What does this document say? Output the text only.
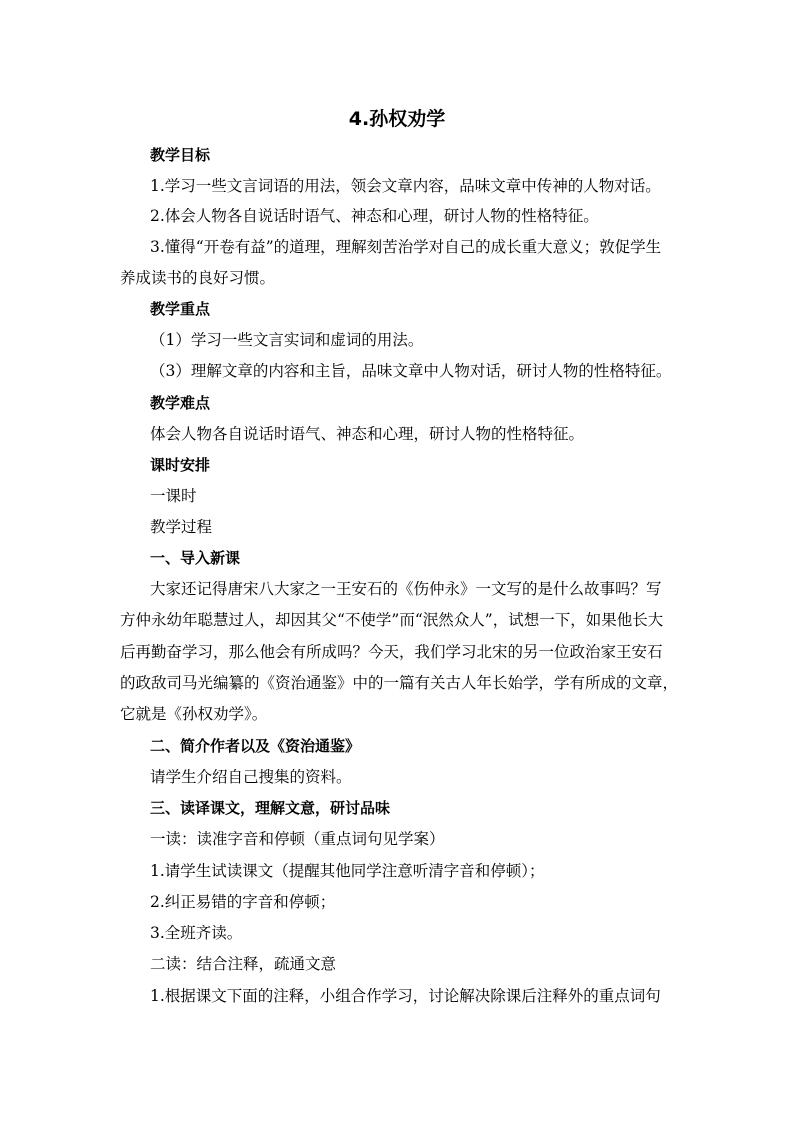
4.孙权劝学
教学目标
1.学习一些文言词语的用法，领会文章内容，品味文章中传神的人物对话。
2.体会人物各自说话时语气、神态和心理，研讨人物的性格特征。
3.懂得“开卷有益”的道理，理解刻苦治学对自己的成长重大意义；敦促学生
养成读书的良好习惯。
教学重点
（1）学习一些文言实词和虚词的用法。
（3）理解文章的内容和主旨，品味文章中人物对话，研讨人物的性格特征。
教学难点
体会人物各自说话时语气、神态和心理，研讨人物的性格特征。
课时安排
一课时
教学过程
一、导入新课
大家还记得唐宋八大家之一王安石的《伤仲永》一文写的是什么故事吗？写
方仲永幼年聪慧过人，却因其父“不使学”而“泯然众人”，试想一下，如果他长大
后再勤奋学习，那么他会有所成吗？今天，我们学习北宋的另一位政治家王安石
的政敌司马光编纂的《资治通鉴》中的一篇有关古人年长始学，学有所成的文章，
它就是《孙权劝学》。
二、简介作者以及《资治通鉴》
请学生介绍自己搜集的资料。
三、读译课文，理解文意，研讨品味
一读：读准字音和停顿（重点词句见学案）
1.请学生试读课文（提醒其他同学注意听清字音和停顿）；
2.纠正易错的字音和停顿；
3.全班齐读。
二读：结合注释，疏通文意
1.根据课文下面的注释，小组合作学习，讨论解决除课后注释外的重点词句
